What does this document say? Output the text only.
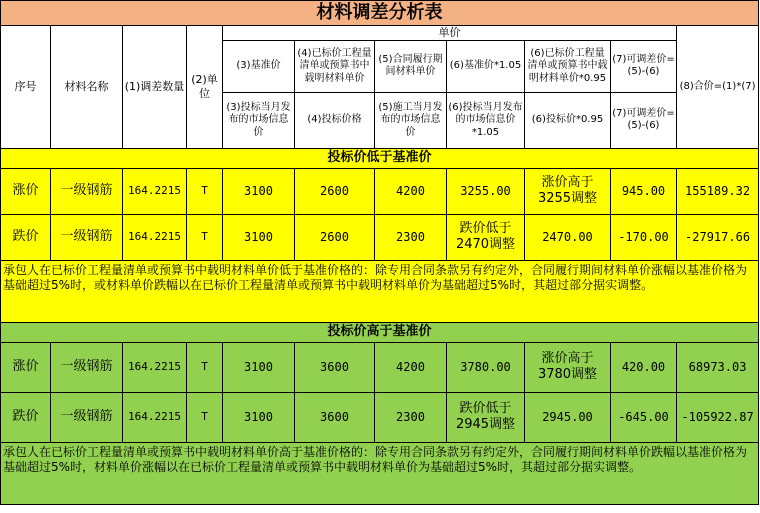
材料调差分析表										
序号	材料名称	(1)调差数量	(2)单位	单价						(8)合价=(1)*(7)
				(3)基准价	(4)已标价工程量清单或预算书中载明材料单价	(5)合同履行期间材料单价	(6)基准价*1.05	(6)已标价工程量清单或预算书中载明材料单价*0.95	(7)可调差价=(5)-(6)	
				(3)投标当月发布的市场信息价	(4)投标价格	(5)施工当月发布的市场信息价	(6)投标当月发布的市场信息价*1.05	(6)投标价*0.95	(7)可调差价=(5)-(6)	
投标价低于基准价										
涨价	一级钢筋	164.2215	T	3100	2600	4200	3255.00	涨价高于3255调整	945.00	155189.32
跌价	一级钢筋	164.2215	T	3100	2600	2300	跌价低于2470调整	2470.00	-170.00	-27917.66
承包人在已标价工程量清单或预算书中载明材料单价低于基准价格的：除专用合同条款另有约定外，合同履行期间材料单价涨幅以基准价格为基础超过5%时，或材料单价跌幅以在已标价工程量清单或预算书中载明材料单价为基础超过5%时，其超过部分据实调整。										
投标价高于基准价										
涨价	一级钢筋	164.2215	T	3100	3600	4200	3780.00	涨价高于3780调整	420.00	68973.03
跌价	一级钢筋	164.2215	T	3100	3600	2300	跌价低于2945调整	2945.00	-645.00	-105922.87
承包人在已标价工程量清单或预算书中载明材料单价高于基准价格的：除专用合同条款另有约定外，合同履行期间材料单价跌幅以基准价格为基础超过5%时，材料单价涨幅以在已标价工程量清单或预算书中载明材料单价为基础超过5%时，其超过部分据实调整。										
